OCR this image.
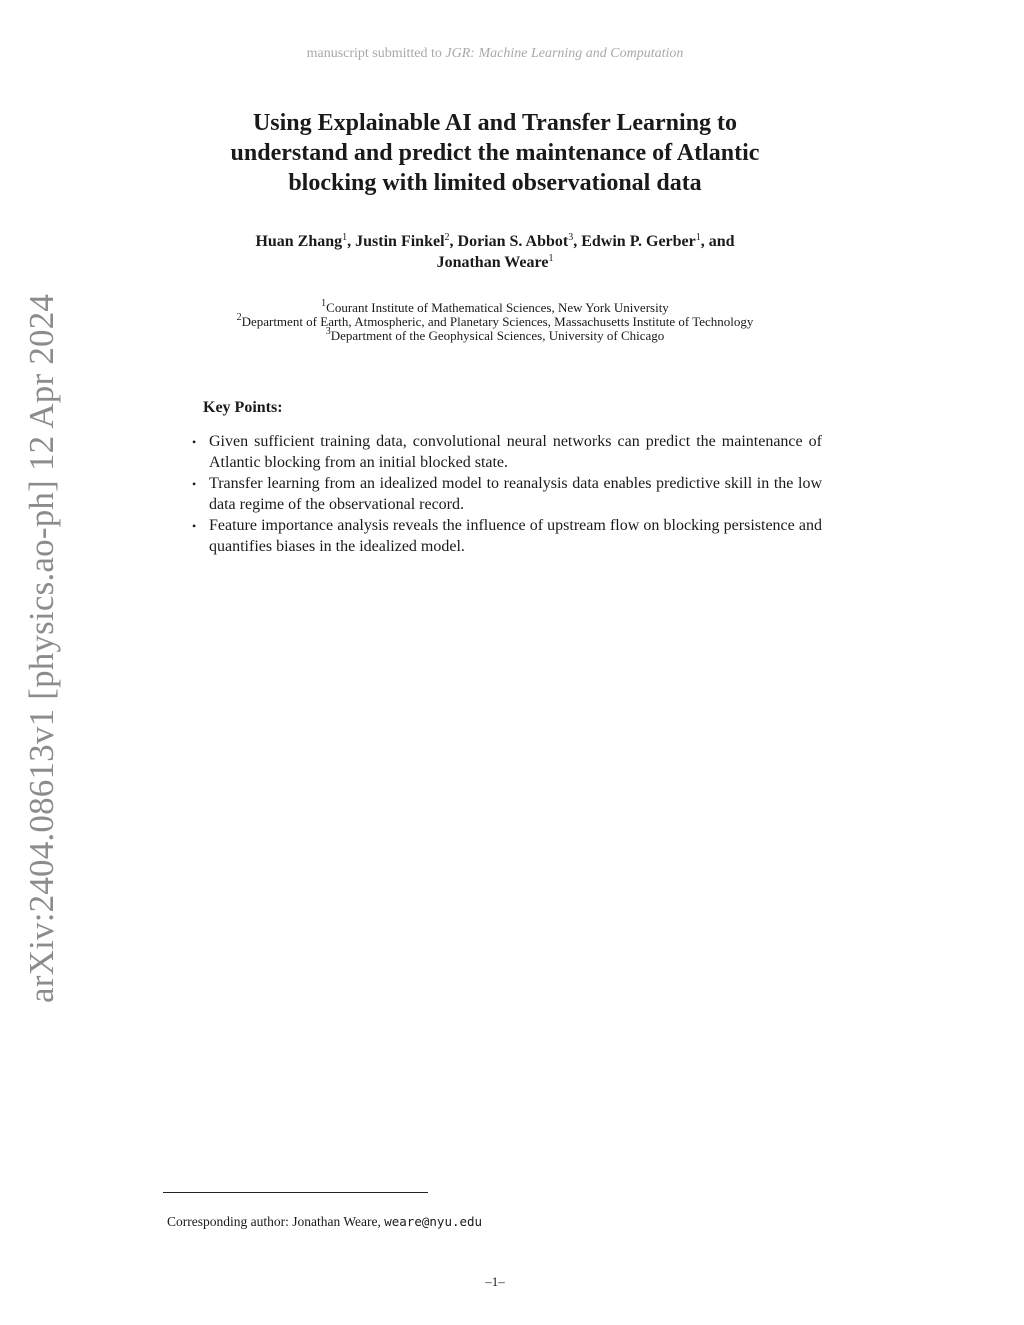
manuscript submitted to JGR: Machine Learning and Computation
arXiv:2404.08613v1 [physics.ao-ph] 12 Apr 2024
Using Explainable AI and Transfer Learning to
understand and predict the maintenance of Atlantic
blocking with limited observational data
Huan Zhang$^1$, Justin Finkel$^2$, Dorian S. Abbot$^3$, Edwin P. Gerber$^1$, and
Jonathan Weare$^1$
$^1$Courant Institute of Mathematical Sciences, New York University
$^2$Department of Earth, Atmospheric, and Planetary Sciences, Massachusetts Institute of Technology
$^3$Department of the Geophysical Sciences, University of Chicago
Key Points:
• Given sufficient training data, convolutional neural networks can predict the maintenance of Atlantic blocking from an initial blocked state.
• Transfer learning from an idealized model to reanalysis data enables predictive skill in the low data regime of the observational record.
• Feature importance analysis reveals the influence of upstream flow on blocking persistence and quantifies biases in the idealized model.
Corresponding author: Jonathan Weare, weare@nyu.edu
–1–
